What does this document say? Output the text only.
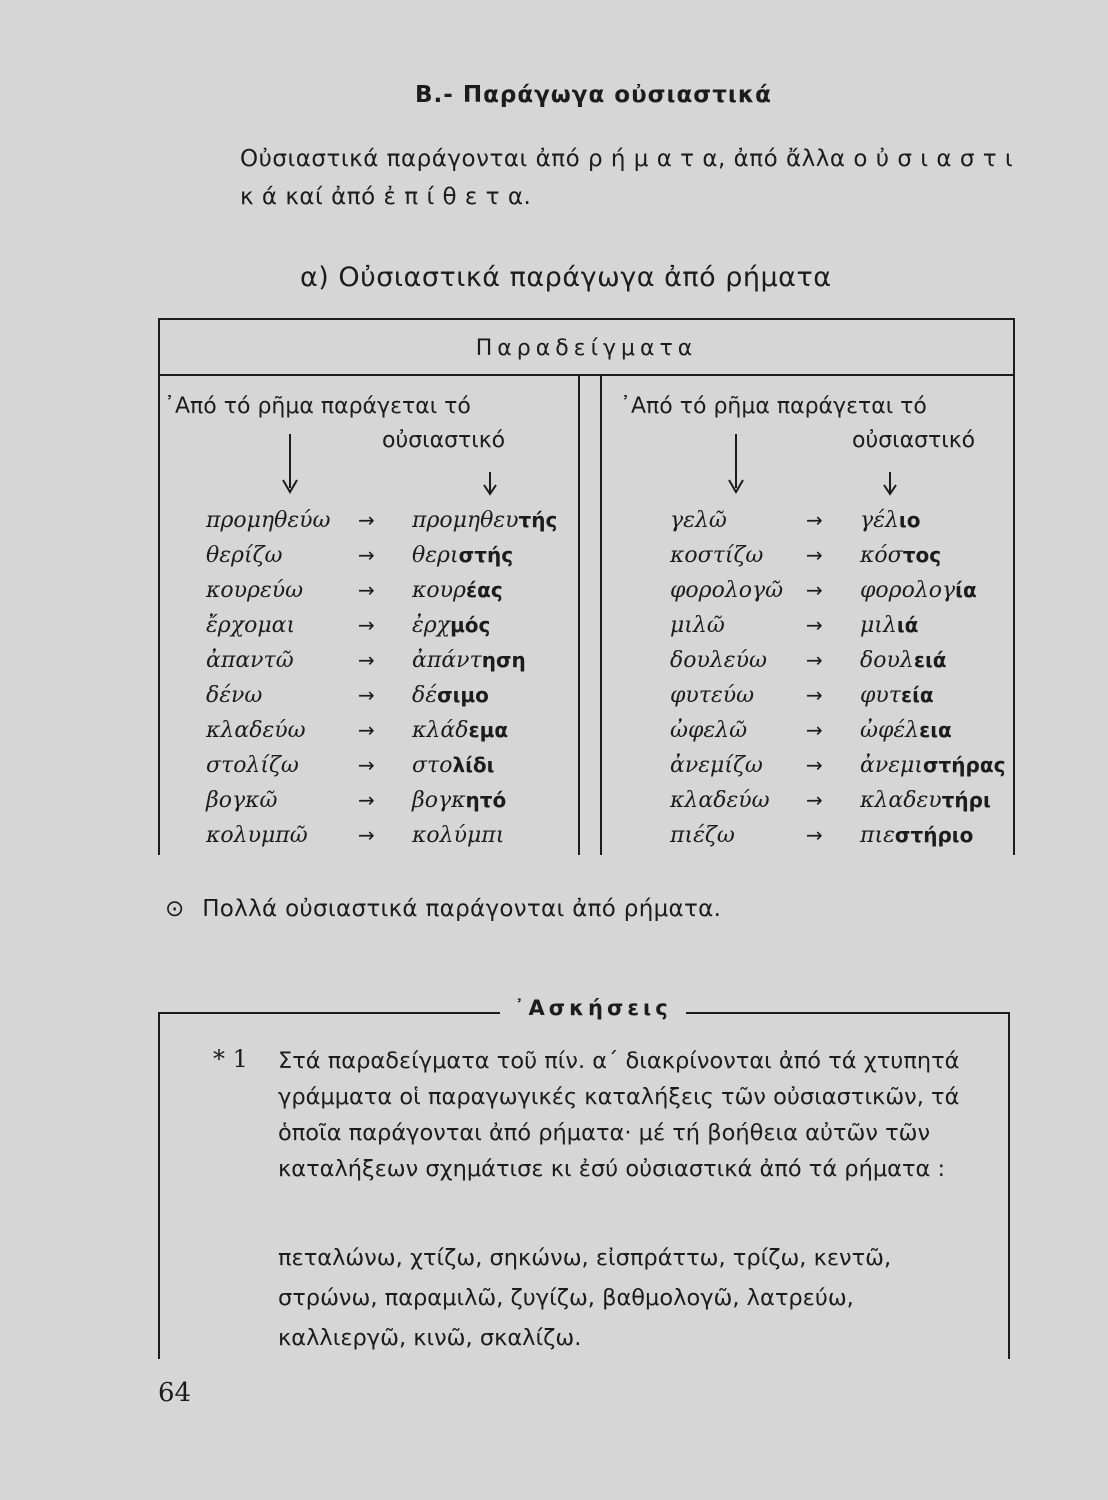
Β.- Παράγωγα οὐσιαστικά
Οὐσιαστικά παράγονται ἀπό ρ ή μ α τ α, ἀπό ἄλλα ο ὐ σ ι α σ τ ι κ ά καί ἀπό ἐ π ί θ ε τ α.
α) Οὐσιαστικά παράγωγα ἀπό ρήματα
Παραδείγματα
᾿Από τό ρῆμα παράγεται τό
οὐσιαστικό
᾿Από τό ρῆμα παράγεται τό
οὐσιαστικό
προμηθεύω → προμηθευτής
θερίζω	→ θεριστής
κουρεύω	→ κουρέας
ἔρχομαι	→ ἐρχμός
ἀπαντῶ	→ ἀπάντηση
δένω	→ δέσιμο
κλαδεύω	→ κλάδεμα
στολίζω	→ στολίδι
βογκῶ	→ βογκητό
κολυμπῶ	→ κολύμπι
γελῶ	→ γέλιο
κοστίζω → κόστος
φορολογῶ → φορολογία
μιλῶ	→ μιλιά
δουλεύω → δουλειά
φυτεύω	→ φυτεία
ὠφελῶ	→ ὠφέλεια
ἀνεμίζω → ἀνεμιστήρας
κλαδεύω → κλαδευτήρι
πιέζω	→ πιεστήριο
⊙ Πολλά οὐσιαστικά παράγονται ἀπό ρήματα.
᾿Ασκήσεις
* 1 Στά παραδείγματα τοῦ πίν. α΄ διακρίνονται ἀπό τά χτυπητά γράμματα οἱ παραγωγικές καταλήξεις τῶν οὐσιαστικῶν, τά ὁποῖα παράγονται ἀπό ρήματα· μέ τή βοήθεια αὐτῶν τῶν καταλήξεων σχημάτισε κι ἐσύ οὐσιαστικά ἀπό τά ρήματα :
πεταλώνω, χτίζω, σηκώνω, εἰσπράττω, τρίζω, κεντῶ, στρώνω, παραμιλῶ, ζυγίζω, βαθμολογῶ, λατρεύω, καλλιεργῶ, κινῶ, σκαλίζω.
64
